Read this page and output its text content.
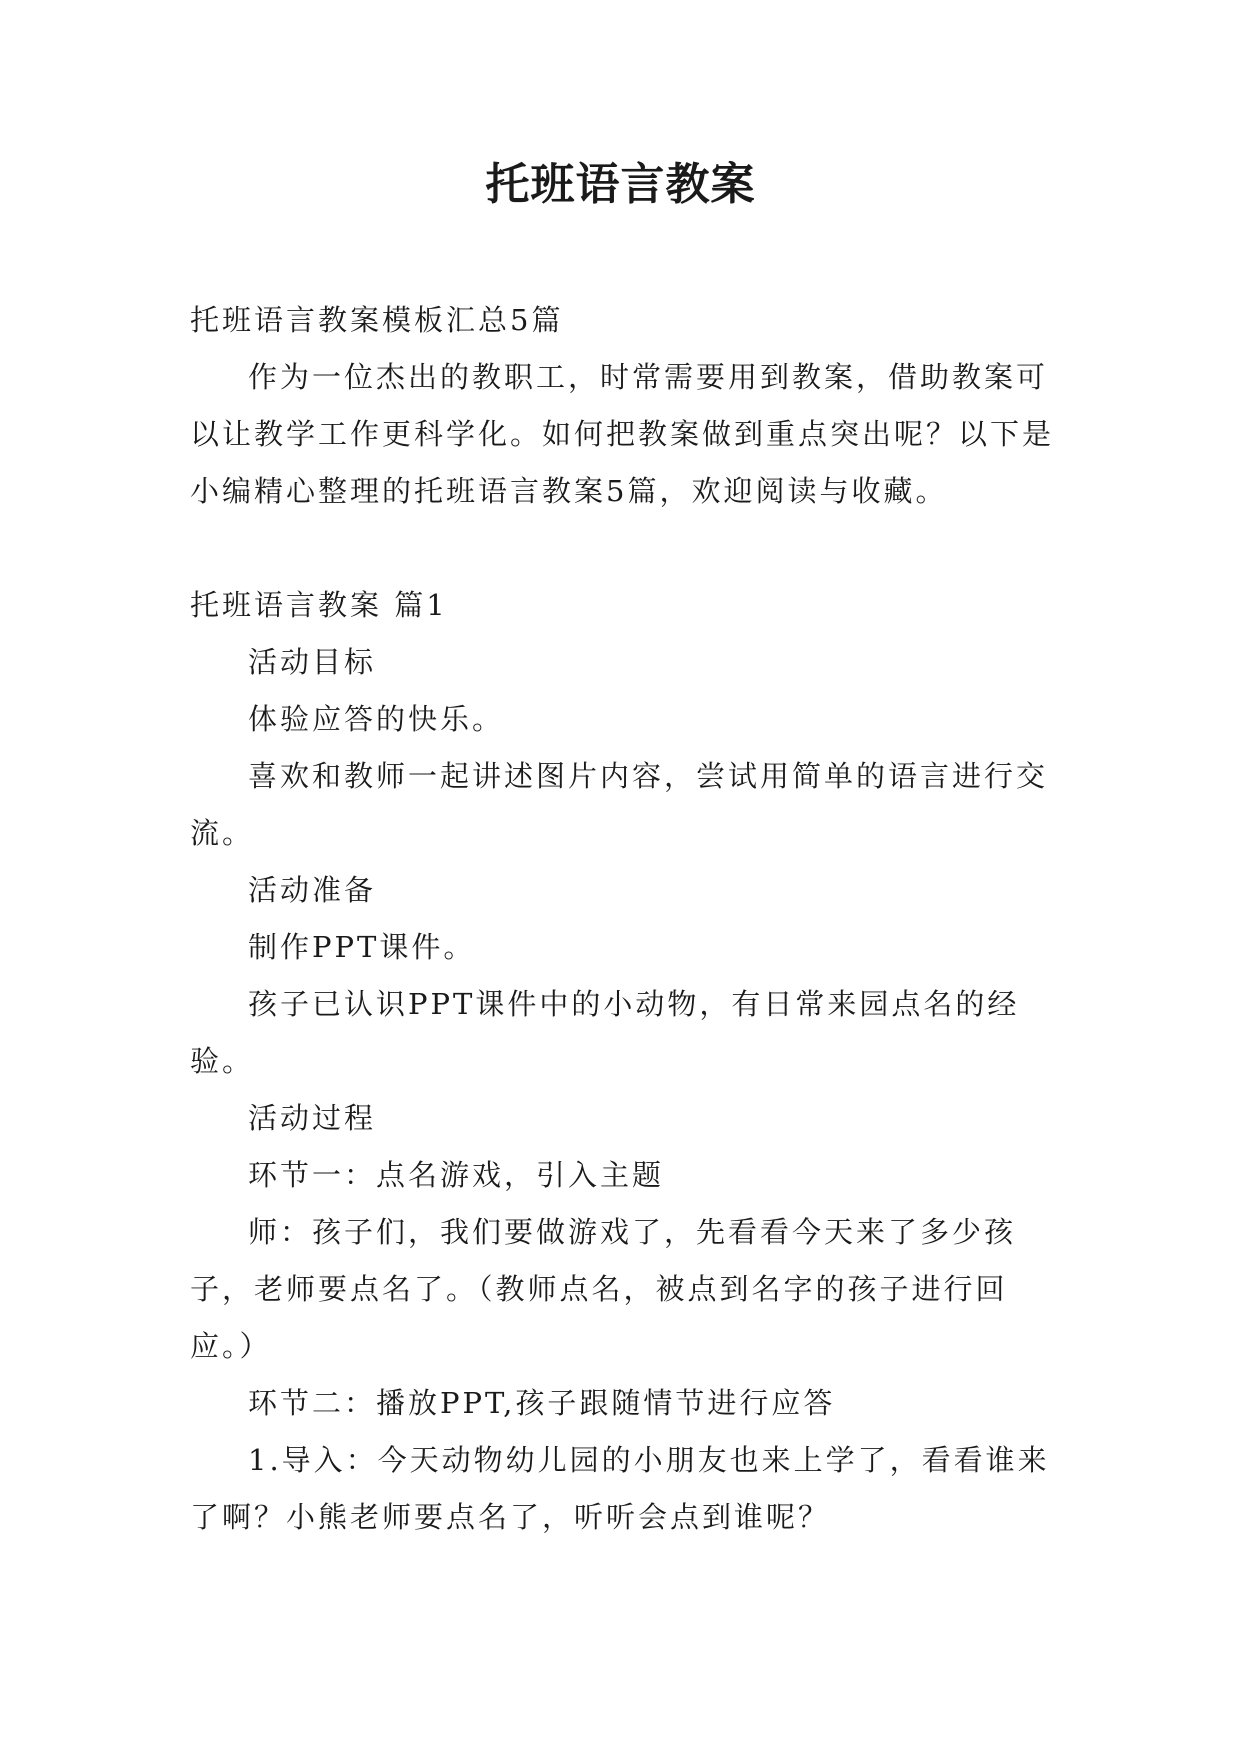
托班语言教案

托班语言教案模板汇总5篇

作为一位杰出的教职工，时常需要用到教案，借助教案可以让教学工作更科学化。如何把教案做到重点突出呢？以下是小编精心整理的托班语言教案5篇，欢迎阅读与收藏。

托班语言教案 篇1

活动目标

体验应答的快乐。

喜欢和教师一起讲述图片内容，尝试用简单的语言进行交流。

活动准备

制作PPT课件。

孩子已认识PPT课件中的小动物，有日常来园点名的经验。

活动过程

环节一：点名游戏，引入主题

师：孩子们，我们要做游戏了，先看看今天来了多少孩子，老师要点名了。（教师点名，被点到名字的孩子进行回应。）

环节二：播放PPT,孩子跟随情节进行应答

1.导入：今天动物幼儿园的小朋友也来上学了，看看谁来了啊？小熊老师要点名了，听听会点到谁呢？
